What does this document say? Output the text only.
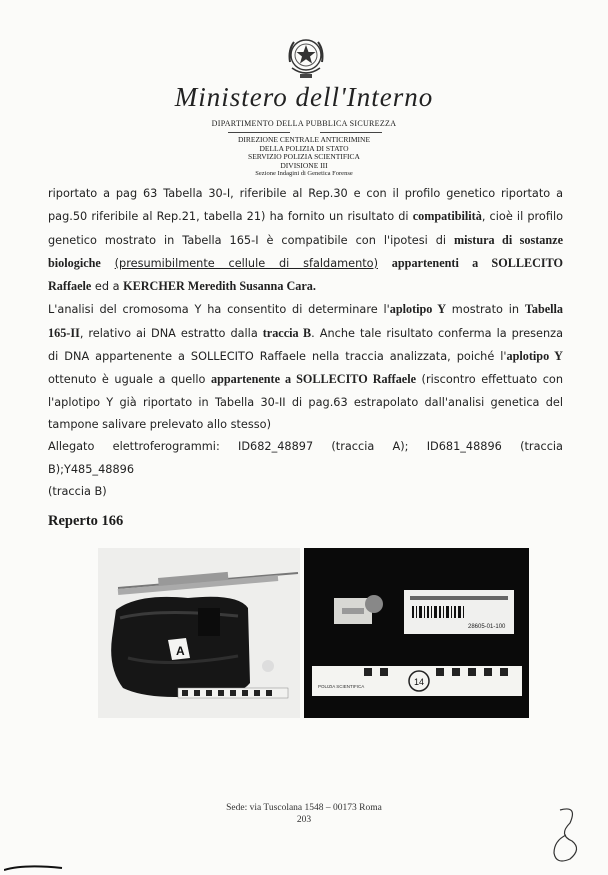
Ministero dell'Interno
DIPARTIMENTO DELLA PUBBLICA SICUREZZA
DIREZIONE CENTRALE ANTICRIMINE
DELLA POLIZIA DI STATO
SERVIZIO POLIZIA SCIENTIFICA
DIVISIONE III
Sezione Indagini di Genetica Forense

riportato a pag 63 Tabella 30-I, riferibile al Rep.30 e con il profilo genetico riportato a

pag.50 riferibile al Rep.21, tabella 21) ha fornito un risultato di compatibilità, cioè il profilo

genetico mostrato in Tabella 165-I è compatibile con l'ipotesi di mistura di sostanze

biologiche (presumibilmente cellule di sfaldamento) appartenenti a SOLLECITO

Raffaele ed a KERCHER Meredith Susanna Cara.

L'analisi del cromosoma Y ha consentito di determinare l'aplotipo Y mostrato in Tabella

165-II, relativo ai DNA estratto dalla traccia B. Anche tale risultato conferma la presenza

di DNA appartenente a SOLLECITO Raffaele nella traccia analizzata, poiché l'aplotipo Y

ottenuto è uguale a quello appartenente a SOLLECITO Raffaele (riscontro effettuato con

l'aplotipo Y già riportato in Tabella 30-II di pag.63 estrapolato dall'analisi genetica del

tampone salivare prelevato allo stesso)

Allegato elettroferogrammi: ID682_48897 (traccia A); ID681_48896 (traccia B);Y485_48896

(traccia B)

Reperto 166
A
28605-01-100
14
POLIZIA SCIENTIFICA
Sede: via Tuscolana 1548 – 00173 Roma
203
